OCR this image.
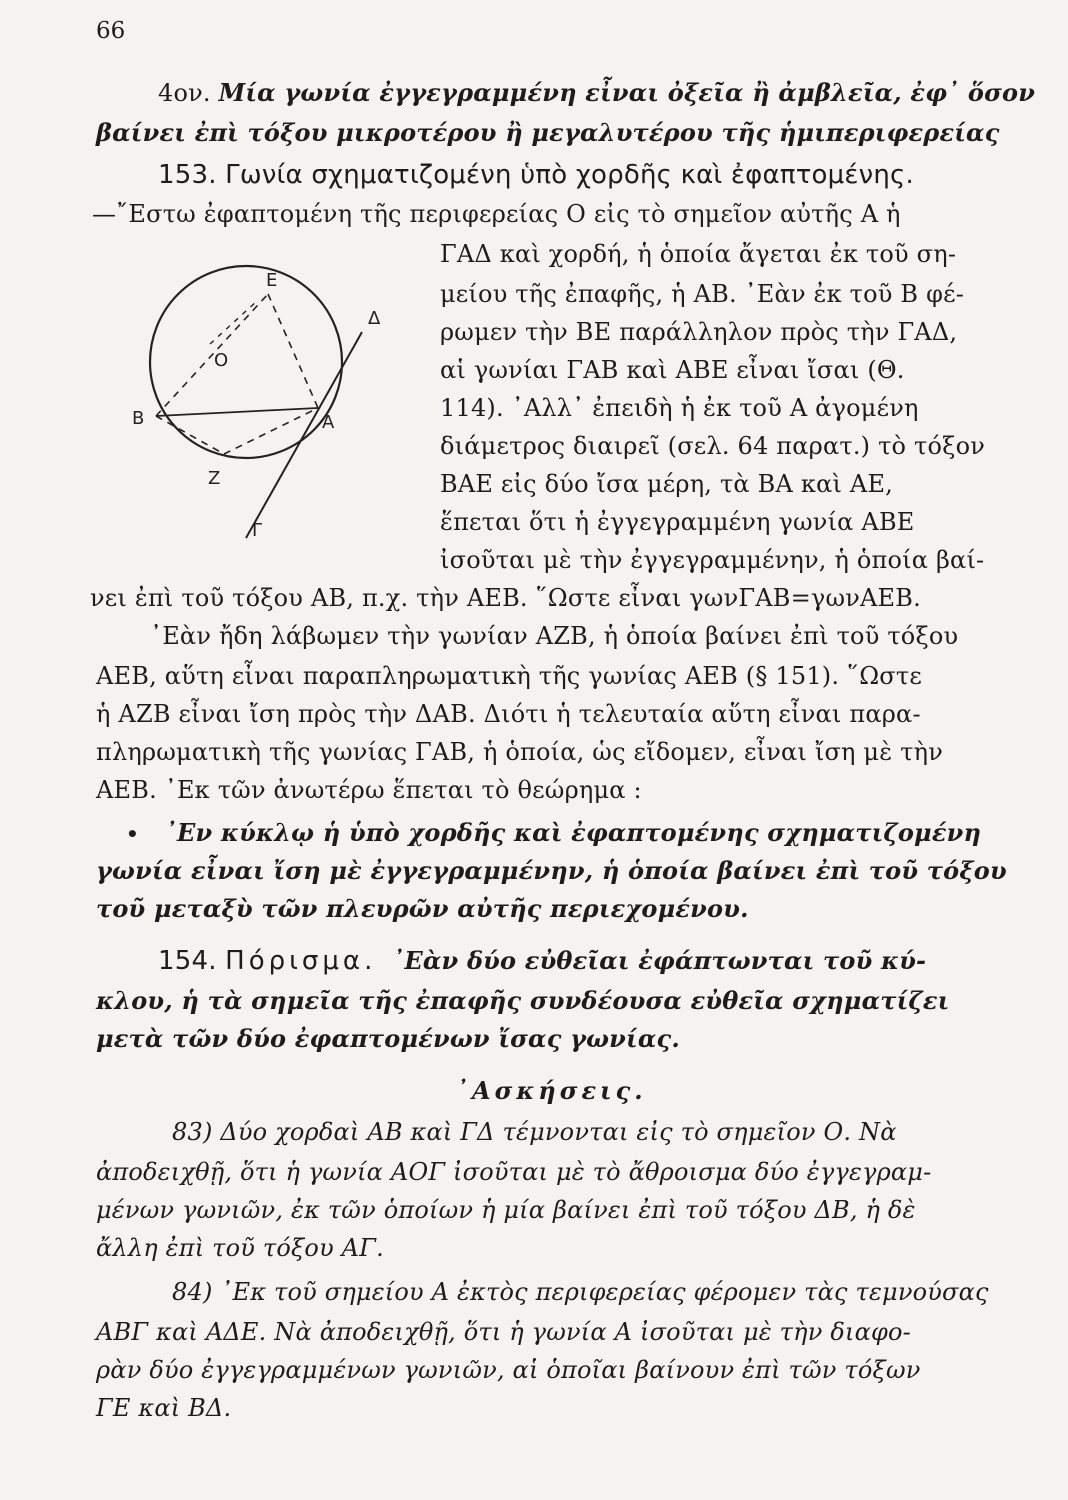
66
4ον. Μία γωνία ἐγγεγραμμένη εἶναι ὀξεῖα ἢ ἀμβλεῖα, ἐφ᾿ ὅσον
βαίνει ἐπὶ τόξου μικροτέρου ἢ μεγαλυτέρου τῆς ἡμιπεριφερείας
153. Γωνία σχηματιζομένη ὑπὸ χορδῆς καὶ ἐφαπτομένης.
—῎Εστω ἐφαπτομένη τῆς περιφερείας Ο εἰς τὸ σημεῖον αὐτῆς Α ἡ
E
O
B	A
Z
Δ
Γ
ΓΑΔ καὶ χορδή, ἡ ὁποία ἄγεται ἐκ τοῦ ση-
μείου τῆς ἐπαφῆς, ἡ ΑΒ. ᾽Εὰν ἐκ τοῦ Β φέ-
ρωμεν τὴν ΒΕ παράλληλον πρὸς τὴν ΓΑΔ,
αἱ γωνίαι ΓΑΒ καὶ ΑΒΕ εἶναι ἴσαι (Θ.
114). ᾽Αλλ᾽ ἐπειδὴ ἡ ἐκ τοῦ Α ἀγομένη
διάμετρος διαιρεῖ (σελ. 64 παρατ.) τὸ τόξον
ΒΑΕ εἰς δύο ἴσα μέρη, τὰ ΒΑ καὶ ΑΕ,
ἕπεται ὅτι ἡ ἐγγεγραμμένη γωνία ΑΒΕ
ἰσοῦται μὲ τὴν ἐγγεγραμμένην, ἡ ὁποία βαί-
νει ἐπὶ τοῦ τόξου ΑΒ, π.χ. τὴν ΑΕΒ. ῞Ωστε εἶναι γωνΓΑΒ=γωνΑΕΒ.
᾽Εὰν ἤδη λάβωμεν τὴν γωνίαν ΑΖΒ, ἡ ὁποία βαίνει ἐπὶ τοῦ τόξου
ΑΕΒ, αὕτη εἶναι παραπληρωματικὴ τῆς γωνίας ΑΕΒ (§ 151). ῞Ωστε
ἡ ΑΖΒ εἶναι ἴση πρὸς τὴν ΔΑΒ. Διότι ἡ τελευταία αὕτη εἶναι παρα-
πληρωματικὴ τῆς γωνίας ΓΑΒ, ἡ ὁποία, ὡς εἴδομεν, εἶναι ἴση μὲ τὴν
ΑΕΒ. ᾽Εκ τῶν ἀνωτέρω ἕπεται τὸ θεώρημα :
• ᾽Εν κύκλῳ ἡ ὑπὸ χορδῆς καὶ ἐφαπτομένης σχηματιζομένη
γωνία εἶναι ἴση μὲ ἐγγεγραμμένην, ἡ ὁποία βαίνει ἐπὶ τοῦ τόξου
τοῦ μεταξὺ τῶν πλευρῶν αὐτῆς περιεχομένου.
154. Πόρισμα. ᾽Εὰν δύο εὐθεῖαι ἐφάπτωνται τοῦ κύ-
κλου, ἡ τὰ σημεῖα τῆς ἐπαφῆς συνδέουσα εὐθεῖα σχηματίζει
μετὰ τῶν δύο ἐφαπτομένων ἴσας γωνίας.
᾽Ασκήσεις.
83) Δύο χορδαὶ ΑΒ καὶ ΓΔ τέμνονται εἰς τὸ σημεῖον Ο. Νὰ
ἀποδειχθῇ, ὅτι ἡ γωνία ΑΟΓ ἰσοῦται μὲ τὸ ἄθροισμα δύο ἐγγεγραμ-
μένων γωνιῶν, ἐκ τῶν ὁποίων ἡ μία βαίνει ἐπὶ τοῦ τόξου ΔΒ, ἡ δὲ
ἄλλη ἐπὶ τοῦ τόξου ΑΓ.
84) ᾽Εκ τοῦ σημείου Α ἐκτὸς περιφερείας φέρομεν τὰς τεμνούσας
ΑΒΓ καὶ ΑΔΕ. Νὰ ἀποδειχθῇ, ὅτι ἡ γωνία Α ἰσοῦται μὲ τὴν διαφο-
ρὰν δύο ἐγγεγραμμένων γωνιῶν, αἱ ὁποῖαι βαίνουν ἐπὶ τῶν τόξων
ΓΕ καὶ ΒΔ.
